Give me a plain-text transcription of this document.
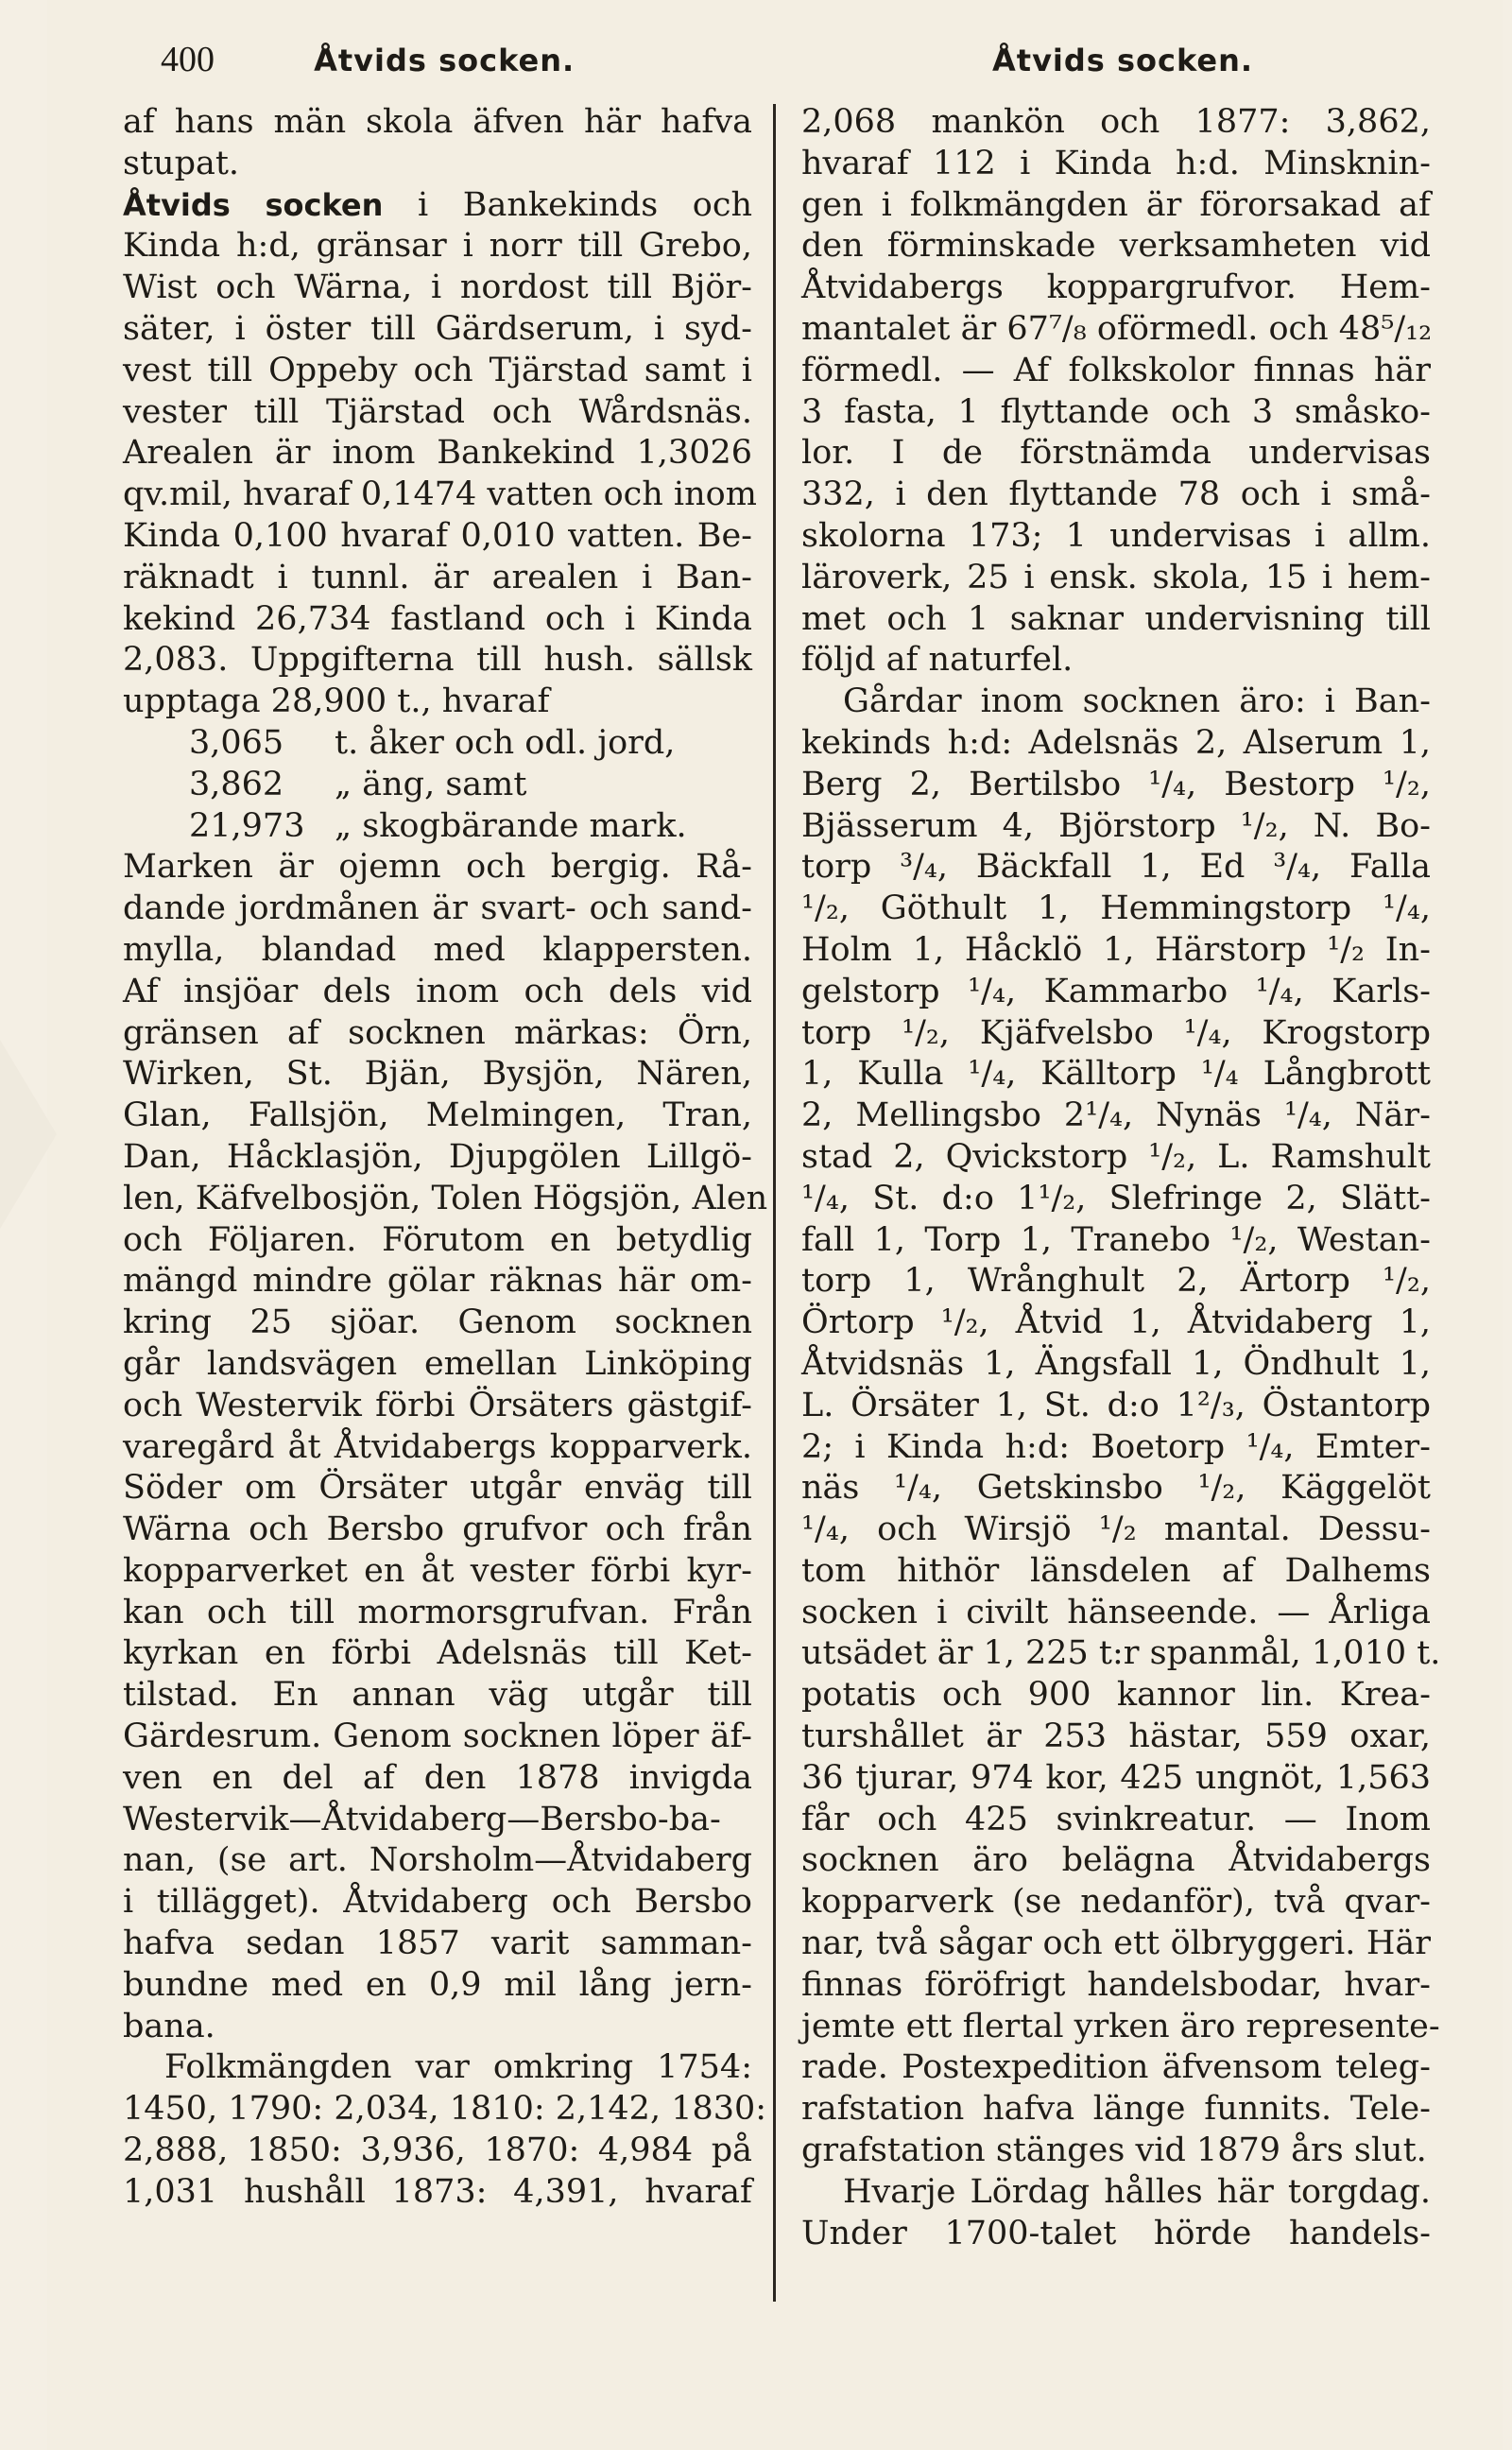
400	Åtvids socken.	Åtvids socken.
af hans män skola äfven här hafva
stupat.
Åtvids socken i Bankekinds och
Kinda h:d, gränsar i norr till Grebo,
Wist och Wärna, i nordost till Björ-
säter, i öster till Gärdserum, i syd-
vest till Oppeby och Tjärstad samt i
vester till Tjärstad och Wårdsnäs.
Arealen är inom Bankekind 1,3026
qv.mil, hvaraf 0,1474 vatten och inom
Kinda 0,100 hvaraf 0,010 vatten. Be-
räknadt i tunnl. är arealen i Ban-
kekind 26,734 fastland och i Kinda
2,083. Uppgifterna till hush. sällsk
upptaga 28,900 t., hvaraf
3,065 t. åker och odl. jord,
3,862 „ äng, samt
21,973 „ skogbärande mark.
Marken är ojemn och bergig. Rå-
dande jordmånen är svart- och sand-
mylla, blandad med klappersten.
Af insjöar dels inom och dels vid
gränsen af socknen märkas: Örn,
Wirken, St. Bjän, Bysjön, Nären,
Glan, Fallsjön, Melmingen, Tran,
Dan, Håcklasjön, Djupgölen Lillgö-
len, Käfvelbosjön, Tolen Högsjön, Alen
och Följaren. Förutom en betydlig
mängd mindre gölar räknas här om-
kring 25 sjöar. Genom socknen
går landsvägen emellan Linköping
och Westervik förbi Örsäters gästgif-
varegård åt Åtvidabergs kopparverk.
Söder om Örsäter utgår enväg till
Wärna och Bersbo grufvor och från
kopparverket en åt vester förbi kyr-
kan och till mormorsgrufvan. Från
kyrkan en förbi Adelsnäs till Ket-
tilstad. En annan väg utgår till
Gärdesrum. Genom socknen löper äf-
ven en del af den 1878 invigda
Westervik—Åtvidaberg—Bersbo-ba-
nan, (se art. Norsholm—Åtvidaberg
i tillägget). Åtvidaberg och Bersbo
hafva sedan 1857 varit samman-
bundne med en 0,9 mil lång jern-
bana.
Folkmängden var omkring 1754:
1450, 1790: 2,034, 1810: 2,142, 1830:
2,888, 1850: 3,936, 1870: 4,984 på
1,031 hushåll 1873: 4,391, hvaraf
2,068 mankön och 1877: 3,862,
hvaraf 112 i Kinda h:d. Minsknin-
gen i folkmängden är förorsakad af
den förminskade verksamheten vid
Åtvidabergs koppargrufvor. Hem-
mantalet är 67⁷/₈ oförmedl. och 48⁵/₁₂
förmedl. — Af folkskolor finnas här
3 fasta, 1 flyttande och 3 småsko-
lor. I de förstnämda undervisas
332, i den flyttande 78 och i små-
skolorna 173; 1 undervisas i allm.
läroverk, 25 i ensk. skola, 15 i hem-
met och 1 saknar undervisning till
följd af naturfel.
Gårdar inom socknen äro: i Ban-
kekinds h:d: Adelsnäs 2, Alserum 1,
Berg 2, Bertilsbo ¹/₄, Bestorp ¹/₂,
Bjässerum 4, Björstorp ¹/₂, N. Bo-
torp ³/₄, Bäckfall 1, Ed ³/₄, Falla
¹/₂, Göthult 1, Hemmingstorp ¹/₄,
Holm 1, Håcklö 1, Härstorp ¹/₂ In-
gelstorp ¹/₄, Kammarbo ¹/₄, Karls-
torp ¹/₂, Kjäfvelsbo ¹/₄, Krogstorp
1, Kulla ¹/₄, Källtorp ¹/₄ Långbrott
2, Mellingsbo 2¹/₄, Nynäs ¹/₄, När-
stad 2, Qvickstorp ¹/₂, L. Ramshult
¹/₄, St. d:o 1¹/₂, Slefringe 2, Slätt-
fall 1, Torp 1, Tranebo ¹/₂, Westan-
torp 1, Wrånghult 2, Ärtorp ¹/₂,
Örtorp ¹/₂, Åtvid 1, Åtvidaberg 1,
Åtvidsnäs 1, Ängsfall 1, Öndhult 1,
L. Örsäter 1, St. d:o 1²/₃, Östantorp
2; i Kinda h:d: Boetorp ¹/₄, Emter-
näs ¹/₄, Getskinsbo ¹/₂, Käggelöt
¹/₄, och Wirsjö ¹/₂ mantal. Dessu-
tom hithör länsdelen af Dalhems
socken i civilt hänseende. — Årliga
utsädet är 1, 225 t:r spanmål, 1,010 t.
potatis och 900 kannor lin. Krea-
turshållet är 253 hästar, 559 oxar,
36 tjurar, 974 kor, 425 ungnöt, 1,563
får och 425 svinkreatur. — Inom
socknen äro belägna Åtvidabergs
kopparverk (se nedanför), två qvar-
nar, två sågar och ett ölbryggeri. Här
finnas föröfrigt handelsbodar, hvar-
jemte ett flertal yrken äro represente-
rade. Postexpedition äfvensom teleg-
rafstation hafva länge funnits. Tele-
grafstation stänges vid 1879 års slut.
Hvarje Lördag hålles här torgdag.
Under 1700-talet hörde handels-
